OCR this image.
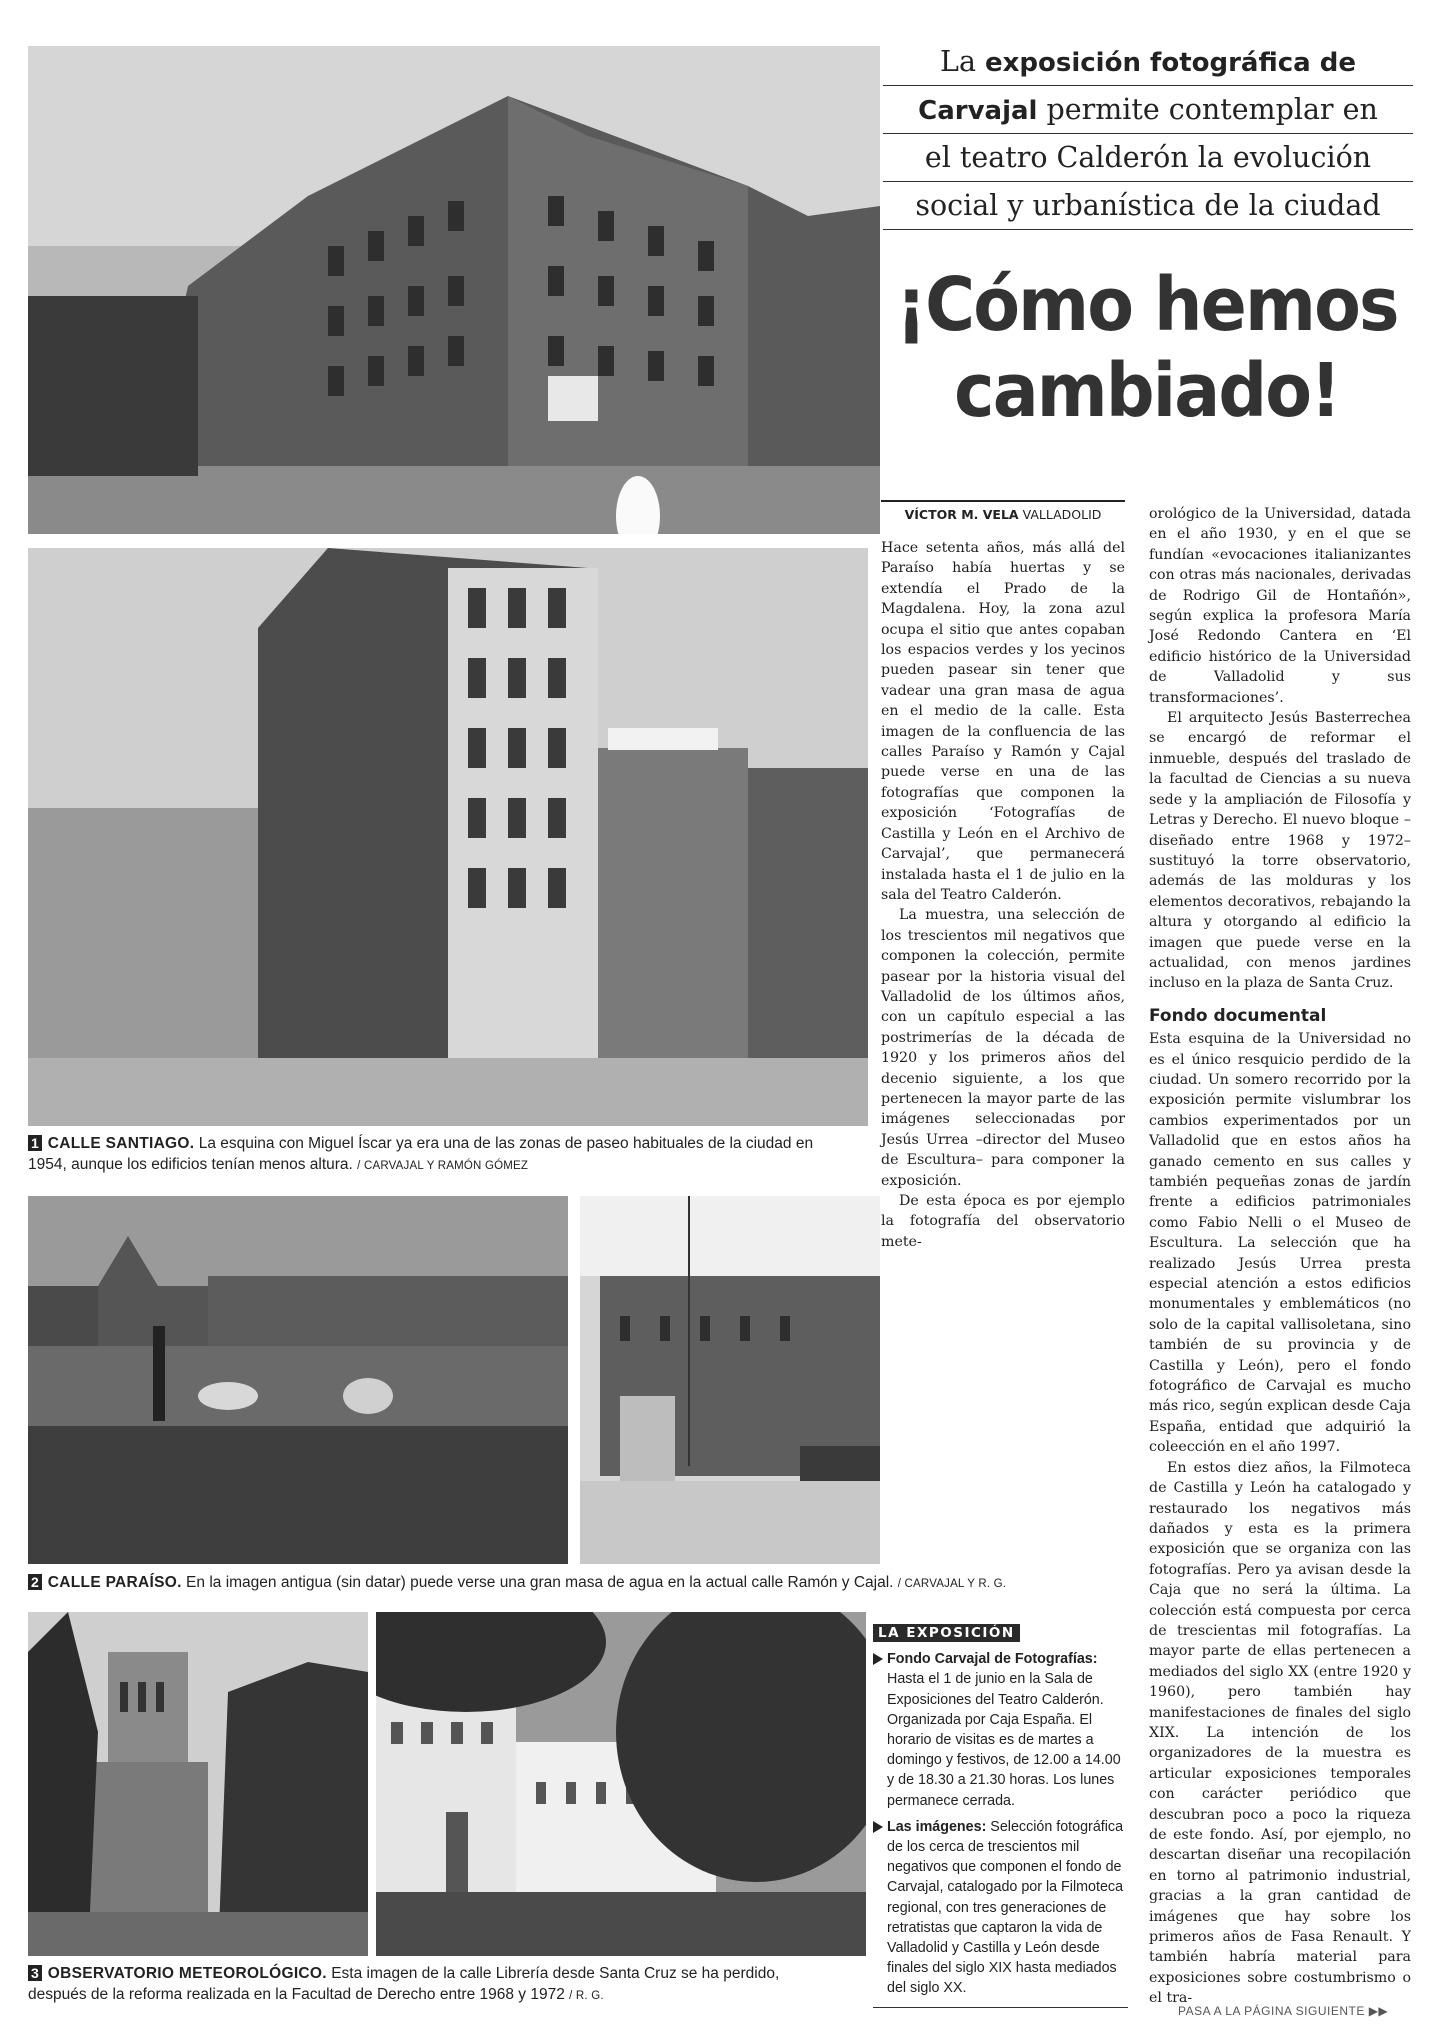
1 CALLE SANTIAGO. La esquina con Miguel Íscar ya era una de las zonas de paseo habituales de la ciudad en 1954, aunque los edificios tenían menos altura. / CARVAJAL Y RAMÓN GÓMEZ
2 CALLE PARAÍSO. En la imagen antigua (sin datar) puede verse una gran masa de agua en la actual calle Ramón y Cajal. / CARVAJAL Y R. G.
3 OBSERVATORIO METEOROLÓGICO. Esta imagen de la calle Librería desde Santa Cruz se ha perdido, después de la reforma realizada en la Facultad de Derecho entre 1968 y 1972 / R. G.
La exposición fotográfica de
Carvajal permite contemplar en
el teatro Calderón la evolución
social y urbanística de la ciudad
¡Cómo hemos
cambiado!
VÍCTOR M. VELA VALLADOLID

Hace setenta años, más allá del Paraíso había huertas y se extendía el Prado de la Magdalena. Hoy, la zona azul ocupa el sitio que antes copaban los espacios verdes y los yecinos pueden pasear sin tener que vadear una gran masa de agua en el medio de la calle. Esta imagen de la confluencia de las calles Paraíso y Ramón y Cajal puede verse en una de las fotografías que componen la exposición ‘Fotografías de Castilla y León en el Archivo de Carvajal’, que permanecerá instalada hasta el 1 de julio en la sala del Teatro Calderón.

La muestra, una selección de los trescientos mil negativos que componen la colección, permite pasear por la historia visual del Valladolid de los últimos años, con un capítulo especial a las postrimerías de la década de 1920 y los primeros años del decenio siguiente, a los que pertenecen la mayor parte de las imágenes seleccionadas por Jesús Urrea –director del Museo de Escultura– para componer la exposición.

De esta época es por ejemplo la fotografía del observatorio mete-

orológico de la Universidad, datada en el año 1930, y en el que se fundían «evocaciones italianizantes con otras más nacionales, derivadas de Rodrigo Gil de Hontañón», según explica la profesora María José Redondo Cantera en ‘El edificio histórico de la Universidad de Valladolid y sus transformaciones’.

El arquitecto Jesús Basterrechea se encargó de reformar el inmueble, después del traslado de la facultad de Ciencias a su nueva sede y la ampliación de Filosofía y Letras y Derecho. El nuevo bloque –diseñado entre 1968 y 1972– sustituyó la torre observatorio, además de las molduras y los elementos decorativos, rebajando la altura y otorgando al edificio la imagen que puede verse en la actualidad, con menos jardines incluso en la plaza de Santa Cruz.

Fondo documental

Esta esquina de la Universidad no es el único resquicio perdido de la ciudad. Un somero recorrido por la exposición permite vislumbrar los cambios experimentados por un Valladolid que en estos años ha ganado cemento en sus calles y también pequeñas zonas de jardín frente a edificios patrimoniales como Fabio Nelli o el Museo de Escultura. La selección que ha realizado Jesús Urrea presta especial atención a estos edificios monumentales y emblemáticos (no solo de la capital vallisoletana, sino también de su provincia y de Castilla y León), pero el fondo fotográfico de Carvajal es mucho más rico, según explican desde Caja España, entidad que adquirió la coleección en el año 1997.

En estos diez años, la Filmoteca de Castilla y León ha catalogado y restaurado los negativos más dañados y esta es la primera exposición que se organiza con las fotografías. Pero ya avisan desde la Caja que no será la última. La colección está compuesta por cerca de trescientas mil fotografías. La mayor parte de ellas pertenecen a mediados del siglo XX (entre 1920 y 1960), pero también hay manifestaciones de finales del siglo XIX. La intención de los organizadores de la muestra es articular exposiciones temporales con carácter periódico que descubran poco a poco la riqueza de este fondo. Así, por ejemplo, no descartan diseñar una recopilación en torno al patrimonio industrial, gracias a la gran cantidad de imágenes que hay sobre los primeros años de Fasa Renault. Y también habría material para exposiciones sobre costumbrismo o el tra-

LA EXPOSICIÓN
Fondo Carvajal de Fotografías: Hasta el 1 de junio en la Sala de Exposiciones del Teatro Calderón. Organizada por Caja España. El horario de visitas es de martes a domingo y festivos, de 12.00 a 14.00 y de 18.30 a 21.30 horas. Los lunes permanece cerrada.
Las imágenes: Selección fotográfica de los cerca de trescientos mil negativos que componen el fondo de Carvajal, catalogado por la Filmoteca regional, con tres generaciones de retratistas que captaron la vida de Valladolid y Castilla y León desde finales del siglo XIX hasta mediados del siglo XX.
PASA A LA PÁGINA SIGUIENTE ▶▶
